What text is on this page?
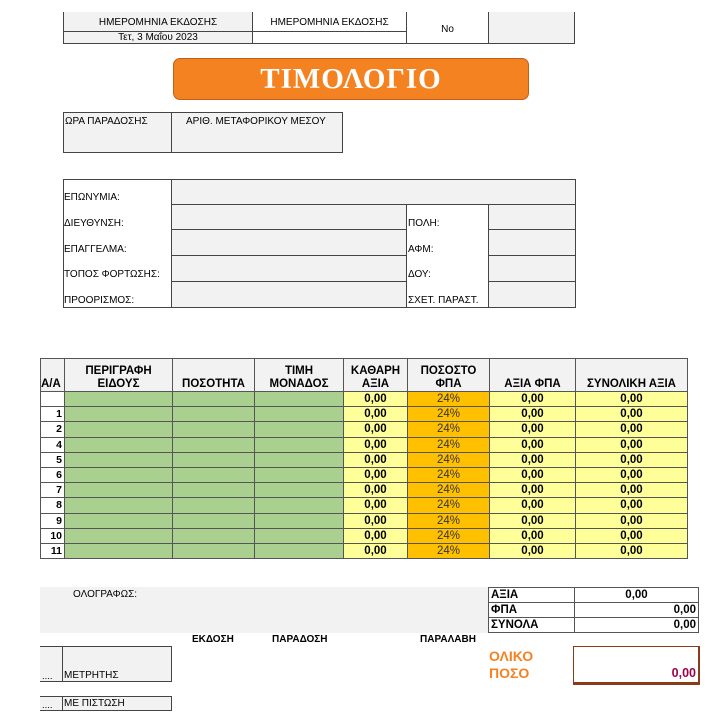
ΗΜΕΡΟΜΗΝΙΑ ΕΚΔΟΣΗΣ
Τετ, 3 Μαΐου 2023
ΗΜΕΡΟΜΗΝΙΑ ΕΚΔΟΣΗΣ
No
ΤΙΜΟΛΟΓΙΟ
ΩΡΑ ΠΑΡΑΔΟΣΗΣ	ΑΡΙΘ. ΜΕΤΑΦΟΡΙΚΟΥ ΜΕΣΟΥ
ΕΠΩΝΥΜΙΑ:
ΔΙΕΥΘΥΝΣΗ:
ΕΠΑΓΓΕΛΜΑ:
ΤΟΠΟΣ ΦΟΡΤΩΣΗΣ:
ΠΡΟΟΡΙΣΜΟΣ:
ΠΟΛΗ:
ΑΦΜ:
ΔΟΥ:
ΣΧΕΤ. ΠΑΡΑΣΤ.
Α/Α	ΠΕΡΙΓΡΑΦΗ ΕΙΔΟΥΣ	ΠΟΣΟΤΗΤΑ	ΤΙΜΗ ΜΟΝΑΔΟΣ	ΚΑΘΑΡΗ ΑΞΙΑ	ΠΟΣΟΣΤΟ ΦΠΑ	ΑΞΙΑ ΦΠΑ	ΣΥΝΟΛΙΚΗ ΑΞΙΑ
				0,00	24%	0,00	0,00
1				0,00	24%	0,00	0,00
2				0,00	24%	0,00	0,00
4				0,00	24%	0,00	0,00
5				0,00	24%	0,00	0,00
6				0,00	24%	0,00	0,00
7				0,00	24%	0,00	0,00
8				0,00	24%	0,00	0,00
9				0,00	24%	0,00	0,00
10				0,00	24%	0,00	0,00
11				0,00	24%	0,00	0,00
ΟΛΟΓΡΑΦΩΣ:	ΑΞΙΑ	0,00
ΦΠΑ	0,00
ΣΥΝΟΛΑ	0,00
ΕΚΔΟΣΗ	ΠΑΡΑΔΟΣΗ	ΠΑΡΑΛΑΒΗ
ΟΛΙΚΟ
ΠΟΣΟ	0,00
.... ΜΕΤΡΗΤΗΣ
.... ΜΕ ΠΙΣΤΩΣΗ
